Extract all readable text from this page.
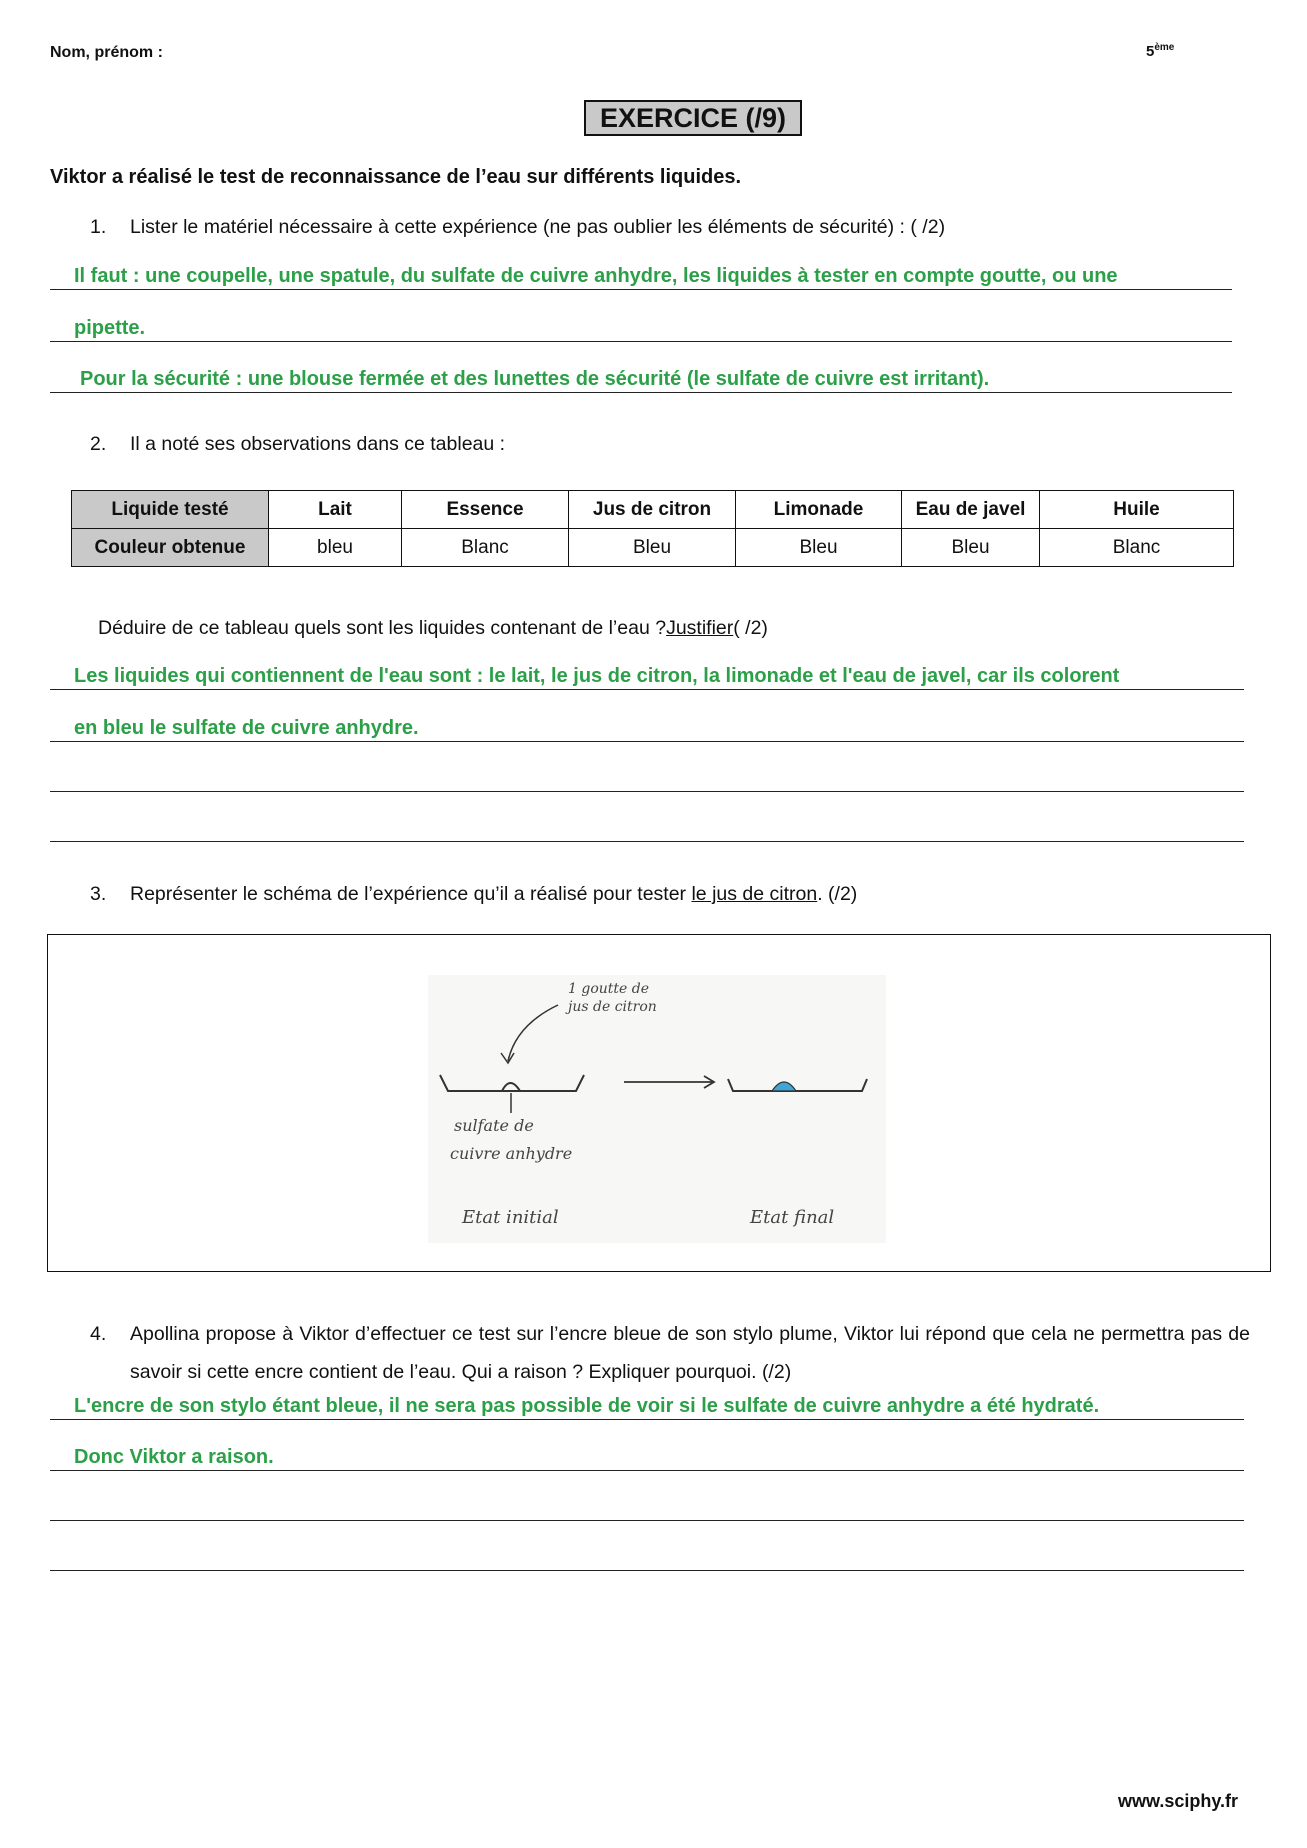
Nom, prénom :	5ème
EXERCICE (/9)
Viktor a réalisé le test de reconnaissance de l’eau sur différents liquides.
1. Lister le matériel nécessaire à cette expérience (ne pas oublier les éléments de sécurité) : ( /2)
Il faut : une coupelle, une spatule, du sulfate de cuivre anhydre, les liquides à tester en compte goutte, ou une
pipette.
Pour la sécurité : une blouse fermée et des lunettes de sécurité (le sulfate de cuivre est irritant).
2. Il a noté ses observations dans ce tableau :
Liquide testé	Lait	Essence	Jus de citron	Limonade	Eau de javel	Huile
Couleur obtenue	bleu	Blanc	Bleu	Bleu	Bleu	Blanc
Déduire de ce tableau quels sont les liquides contenant de l’eau ?Justifier( /2)
Les liquides qui contiennent de l'eau sont : le lait, le jus de citron, la limonade et l'eau de javel, car ils colorent
en bleu le sulfate de cuivre anhydre.
3. Représenter le schéma de l’expérience qu’il a réalisé pour tester le jus de citron. (/2)
1 goutte de
jus de citron
sulfate de
cuivre anhydre
Etat initial	Etat final
4. Apollina propose à Viktor d’effectuer ce test sur l’encre bleue de son stylo plume, Viktor lui répond que cela ne permettra pas de savoir si cette encre contient de l’eau. Qui a raison ? Expliquer pourquoi. (/2)
L'encre de son stylo étant bleue, il ne sera pas possible de voir si le sulfate de cuivre anhydre a été hydraté.
Donc Viktor a raison.
www.sciphy.fr
